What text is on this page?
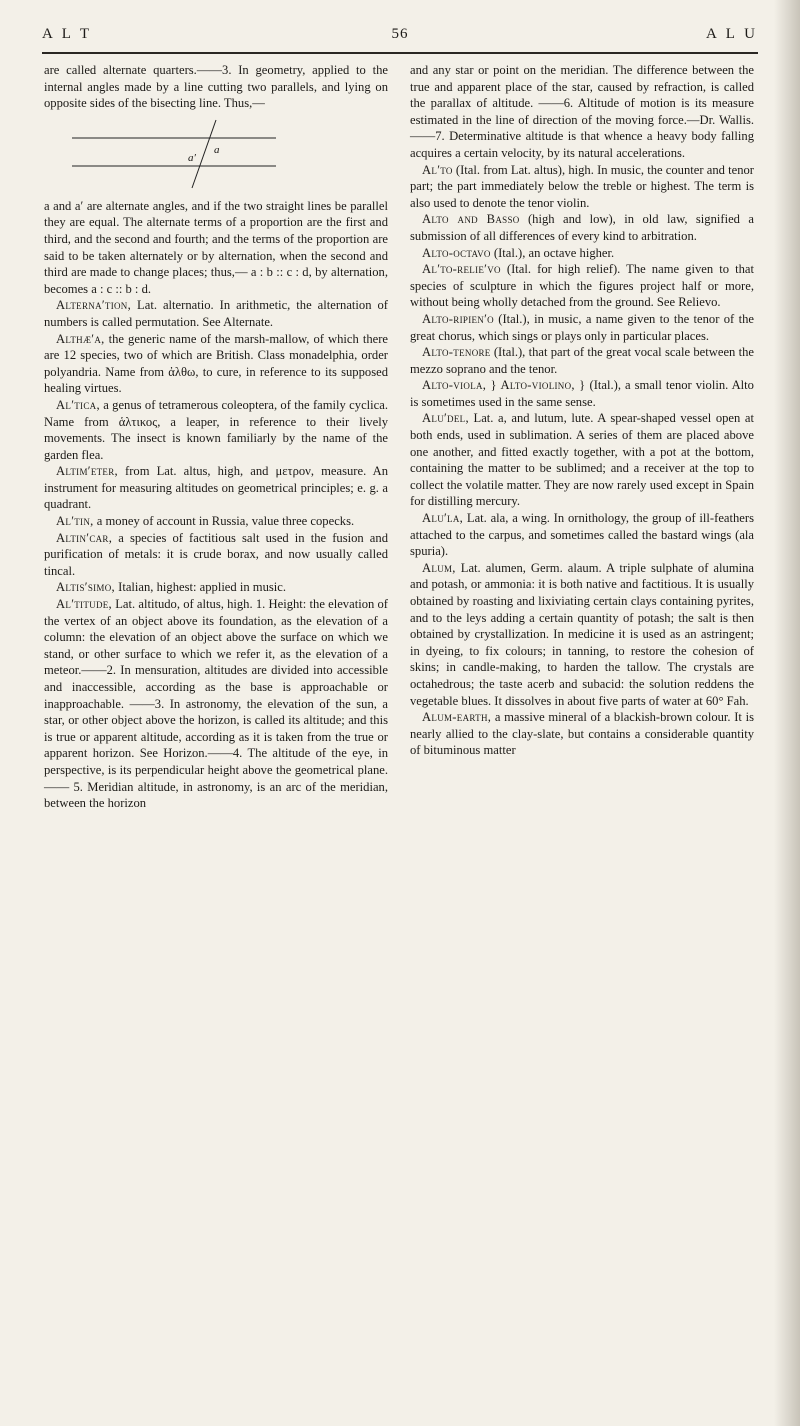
A L T	56	A L U

are called alternate quarters.——3. In geometry, applied to the internal angles made by a line cutting two parallels, and lying on opposite sides of the bisecting line. Thus,—

a
a′

a and a′ are alternate angles, and if the two straight lines be parallel they are equal. The alternate terms of a proportion are the first and third, and the second and fourth; and the terms of the proportion are said to be taken alternately or by alternation, when the second and third are made to change places; thus,— a : b :: c : d, by alternation, becomes a : c :: b : d.

Alterna′tion, Lat. alternatio. In arithmetic, the alternation of numbers is called permutation. See Alternate.

Althæ′a, the generic name of the marsh-mallow, of which there are 12 species, two of which are British. Class monadelphia, order polyandria. Name from ἀλθω, to cure, in reference to its supposed healing virtues.

Al′tica, a genus of tetramerous coleoptera, of the family cyclica. Name from ἁλτικος, a leaper, in reference to their lively movements. The insect is known familiarly by the name of the garden flea.

Altim′eter, from Lat. altus, high, and μετρον, measure. An instrument for measuring altitudes on geometrical principles; e. g. a quadrant.

Al′tin, a money of account in Russia, value three copecks.

Altin′car, a species of factitious salt used in the fusion and purification of metals: it is crude borax, and now usually called tincal.

Altis′simo, Italian, highest: applied in music.

Al′titude, Lat. altitudo, of altus, high. 1. Height: the elevation of the vertex of an object above its foundation, as the elevation of a column: the elevation of an object above the surface on which we stand, or other surface to which we refer it, as the elevation of a meteor.——2. In mensuration, altitudes are divided into accessible and inaccessible, according as the base is approachable or inapproachable. ——3. In astronomy, the elevation of the sun, a star, or other object above the horizon, is called its altitude; and this is true or apparent altitude, according as it is taken from the true or apparent horizon. See Horizon.——4. The altitude of the eye, in perspective, is its perpendicular height above the geometrical plane.—— 5. Meridian altitude, in astronomy, is an arc of the meridian, between the horizon

and any star or point on the meridian. The difference between the true and apparent place of the star, caused by refraction, is called the parallax of altitude. ——6. Altitude of motion is its measure estimated in the line of direction of the moving force.—Dr. Wallis.——7. Determinative altitude is that whence a heavy body falling acquires a certain velocity, by its natural accelerations.

Al′to (Ital. from Lat. altus), high. In music, the counter and tenor part; the part immediately below the treble or highest. The term is also used to denote the tenor violin.

Alto and Basso (high and low), in old law, signified a submission of all differences of every kind to arbitration.

Alto-octavo (Ital.), an octave higher.

Al′to-relie′vo (Ital. for high relief). The name given to that species of sculpture in which the figures project half or more, without being wholly detached from the ground. See Relievo.

Alto-ripien′o (Ital.), in music, a name given to the tenor of the great chorus, which sings or plays only in particular places.

Alto-tenore (Ital.), that part of the great vocal scale between the mezzo soprano and the tenor.

Alto-viola, } Alto-violino, } (Ital.), a small tenor violin. Alto is sometimes used in the same sense.

Alu′del, Lat. a, and lutum, lute. A spear-shaped vessel open at both ends, used in sublimation. A series of them are placed above one another, and fitted exactly together, with a pot at the bottom, containing the matter to be sublimed; and a receiver at the top to collect the volatile matter. They are now rarely used except in Spain for distilling mercury.

Alu′la, Lat. ala, a wing. In ornithology, the group of ill-feathers attached to the carpus, and sometimes called the bastard wings (ala spuria).

Alum, Lat. alumen, Germ. alaum. A triple sulphate of alumina and potash, or ammonia: it is both native and factitious. It is usually obtained by roasting and lixiviating certain clays containing pyrites, and to the leys adding a certain quantity of potash; the salt is then obtained by crystallization. In medicine it is used as an astringent; in dyeing, to fix colours; in tanning, to restore the cohesion of skins; in candle-making, to harden the tallow. The crystals are octahedrous; the taste acerb and subacid: the solution reddens the vegetable blues. It dissolves in about five parts of water at 60° Fah.

Alum-earth, a massive mineral of a blackish-brown colour. It is nearly allied to the clay-slate, but contains a considerable quantity of bituminous matter
